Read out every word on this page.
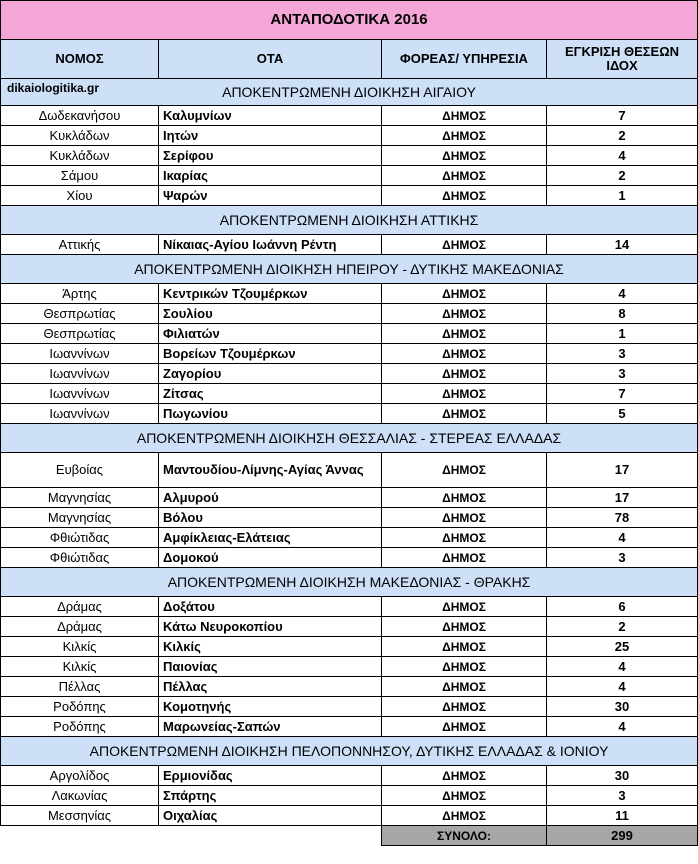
ΑΝΤΑΠΟΔΟΤΙΚΑ 2016			
ΝΟΜΟΣ	ΟΤΑ	ΦΟΡΕΑΣ/ ΥΠΗΡΕΣΙΑ	ΕΓΚΡΙΣΗ ΘΕΣΕΩΝ ΙΔΟΧ

dikaiologitika.gr ΑΠΟΚΕΝΤΡΩΜΕΝΗ ΔΙΟΙΚΗΣΗ ΑΙΓΑΙΟΥ			
Δωδεκανήσου	Καλυμνίων	ΔΗΜΟΣ	7
Κυκλάδων	Ιητών	ΔΗΜΟΣ	2
Κυκλάδων	Σερίφου	ΔΗΜΟΣ	4
Σάμου	Ικαρίας	ΔΗΜΟΣ	2
Χίου	Ψαρών	ΔΗΜΟΣ	1
ΑΠΟΚΕΝΤΡΩΜΕΝΗ ΔΙΟΙΚΗΣΗ ΑΤΤΙΚΗΣ			
Αττικής	Νίκαιας-Αγίου Ιωάννη Ρέντη	ΔΗΜΟΣ	14
ΑΠΟΚΕΝΤΡΩΜΕΝΗ ΔΙΟΙΚΗΣΗ ΗΠΕΙΡΟΥ - ΔΥΤΙΚΗΣ ΜΑΚΕΔΟΝΙΑΣ			
Άρτης	Κεντρικών Τζουμέρκων	ΔΗΜΟΣ	4
Θεσπρωτίας	Σουλίου	ΔΗΜΟΣ	8
Θεσπρωτίας	Φιλιατών	ΔΗΜΟΣ	1
Ιωαννίνων	Βορείων Τζουμέρκων	ΔΗΜΟΣ	3
Ιωαννίνων	Ζαγορίου	ΔΗΜΟΣ	3
Ιωαννίνων	Ζίτσας	ΔΗΜΟΣ	7
Ιωαννίνων	Πωγωνίου	ΔΗΜΟΣ	5
ΑΠΟΚΕΝΤΡΩΜΕΝΗ ΔΙΟΙΚΗΣΗ ΘΕΣΣΑΛΙΑΣ - ΣΤΕΡΕΑΣ ΕΛΛΑΔΑΣ			
Ευβοίας	Μαντουδίου-Λίμνης-Αγίας Άννας	ΔΗΜΟΣ	17
Μαγνησίας	Αλμυρού	ΔΗΜΟΣ	17
Μαγνησίας	Βόλου	ΔΗΜΟΣ	78
Φθιώτιδας	Αμφίκλειας-Ελάτειας	ΔΗΜΟΣ	4
Φθιώτιδας	Δομοκού	ΔΗΜΟΣ	3
ΑΠΟΚΕΝΤΡΩΜΕΝΗ ΔΙΟΙΚΗΣΗ ΜΑΚΕΔΟΝΙΑΣ - ΘΡΑΚΗΣ			
Δράμας	Δοξάτου	ΔΗΜΟΣ	6
Δράμας	Κάτω Νευροκοπίου	ΔΗΜΟΣ	2
Κιλκίς	Κιλκίς	ΔΗΜΟΣ	25
Κιλκίς	Παιονίας	ΔΗΜΟΣ	4
Πέλλας	Πέλλας	ΔΗΜΟΣ	4
Ροδόπης	Κομοτηνής	ΔΗΜΟΣ	30
Ροδόπης	Μαρωνείας-Σαπών	ΔΗΜΟΣ	4
ΑΠΟΚΕΝΤΡΩΜΕΝΗ ΔΙΟΙΚΗΣΗ ΠΕΛΟΠΟΝΝΗΣΟΥ, ΔΥΤΙΚΗΣ ΕΛΛΑΔΑΣ & ΙΟΝΙΟΥ			
Αργολίδος	Ερμιονίδας	ΔΗΜΟΣ	30
Λακωνίας	Σπάρτης	ΔΗΜΟΣ	3
Μεσσηνίας	Οιχαλίας	ΔΗΜΟΣ	11
		ΣΥΝΟΛΟ:	299
